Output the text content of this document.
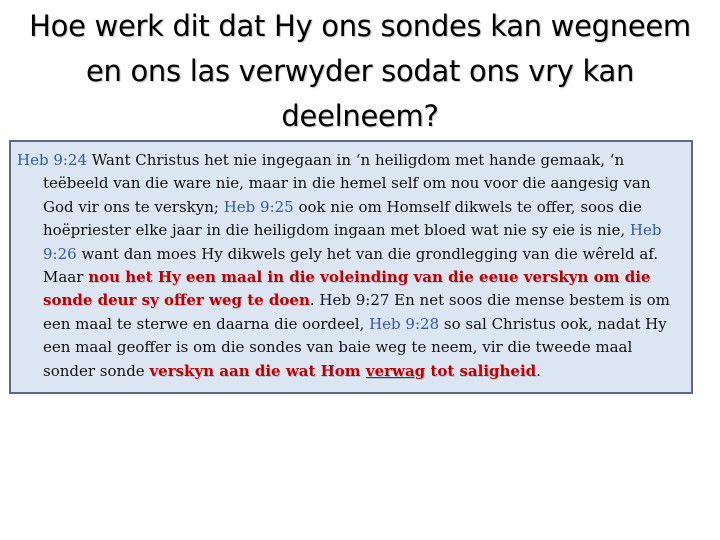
Hoe werk dit dat Hy ons sondes kan wegneem
en ons las verwyder sodat ons vry kan
deelneem?
Heb 9:24 Want Christus het nie ingegaan in ‘n heiligdom met hande gemaak, ‘n teëbeeld van die ware nie, maar in die hemel self om nou voor die aangesig van God vir ons te verskyn; Heb 9:25 ook nie om Homself dikwels te offer, soos die hoëpriester elke jaar in die heiligdom ingaan met bloed wat nie sy eie is nie, Heb 9:26 want dan moes Hy dikwels gely het van die grondlegging van die wêreld af. Maar nou het Hy een maal in die voleinding van die eeue verskyn om die sonde deur sy offer weg te doen. Heb 9:27 En net soos die mense bestem is om een maal te sterwe en daarna die oordeel, Heb 9:28 so sal Christus ook, nadat Hy een maal geoffer is om die sondes van baie weg te neem, vir die tweede maal sonder sonde verskyn aan die wat Hom verwag tot saligheid.
